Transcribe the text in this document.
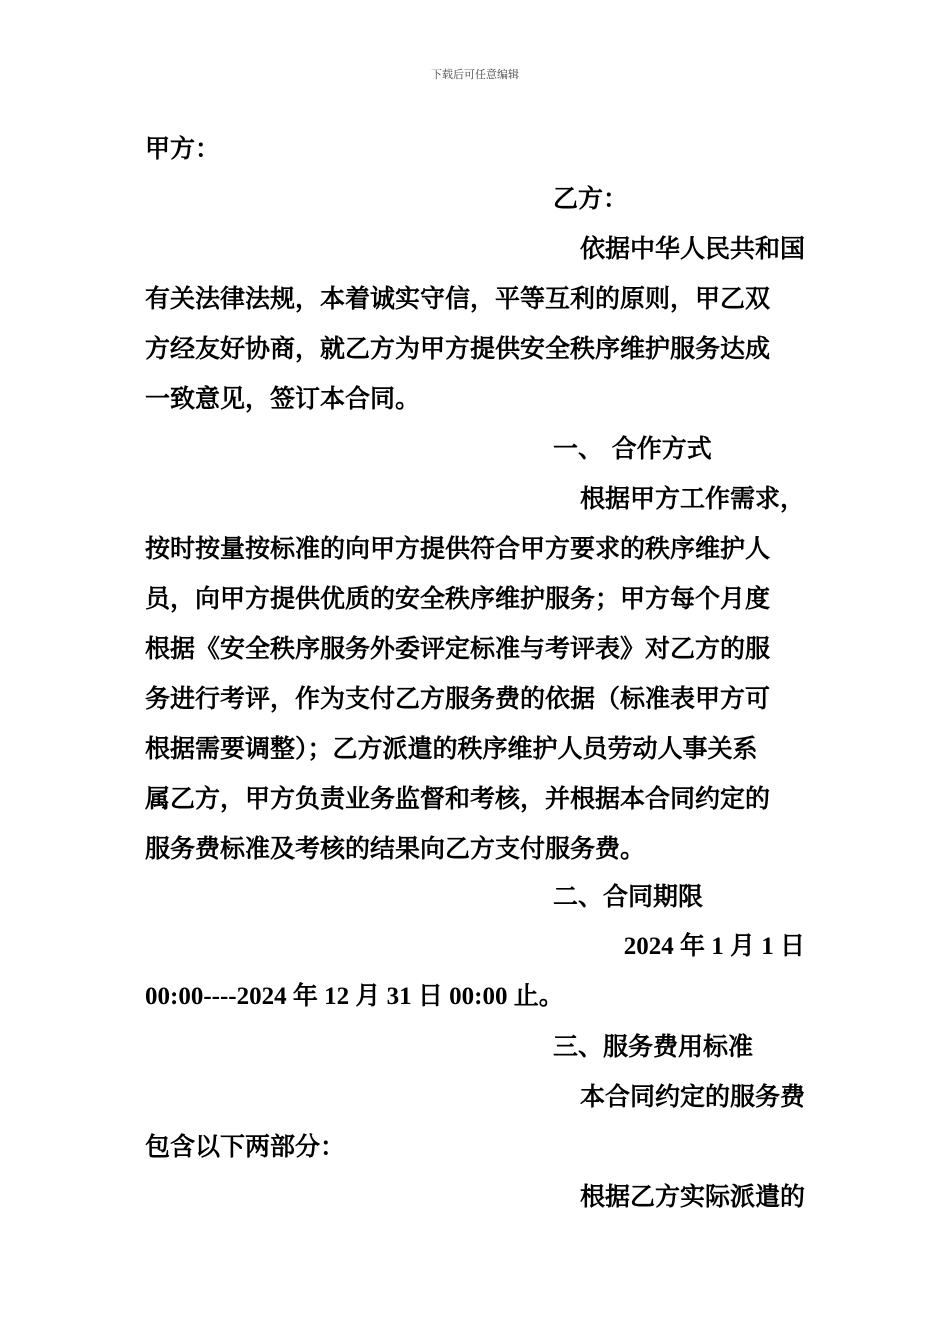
下载后可任意编辑
甲方：
乙方：
依据中华人民共和国
有关法律法规，本着诚实守信，平等互利的原则，甲乙双
方经友好协商，就乙方为甲方提供安全秩序维护服务达成
一致意见，签订本合同。
一、 合作方式
根据甲方工作需求，
按时按量按标准的向甲方提供符合甲方要求的秩序维护人
员，向甲方提供优质的安全秩序维护服务；甲方每个月度
根据《安全秩序服务外委评定标准与考评表》对乙方的服
务进行考评，作为支付乙方服务费的依据（标准表甲方可
根据需要调整）；乙方派遣的秩序维护人员劳动人事关系
属乙方，甲方负责业务监督和考核，并根据本合同约定的
服务费标准及考核的结果向乙方支付服务费。
二、合同期限
2024 年 1 月 1 日
00:00----2024 年 12 月 31 日 00:00 止。
三、服务费用标准
本合同约定的服务费
包含以下两部分：
根据乙方实际派遣的
